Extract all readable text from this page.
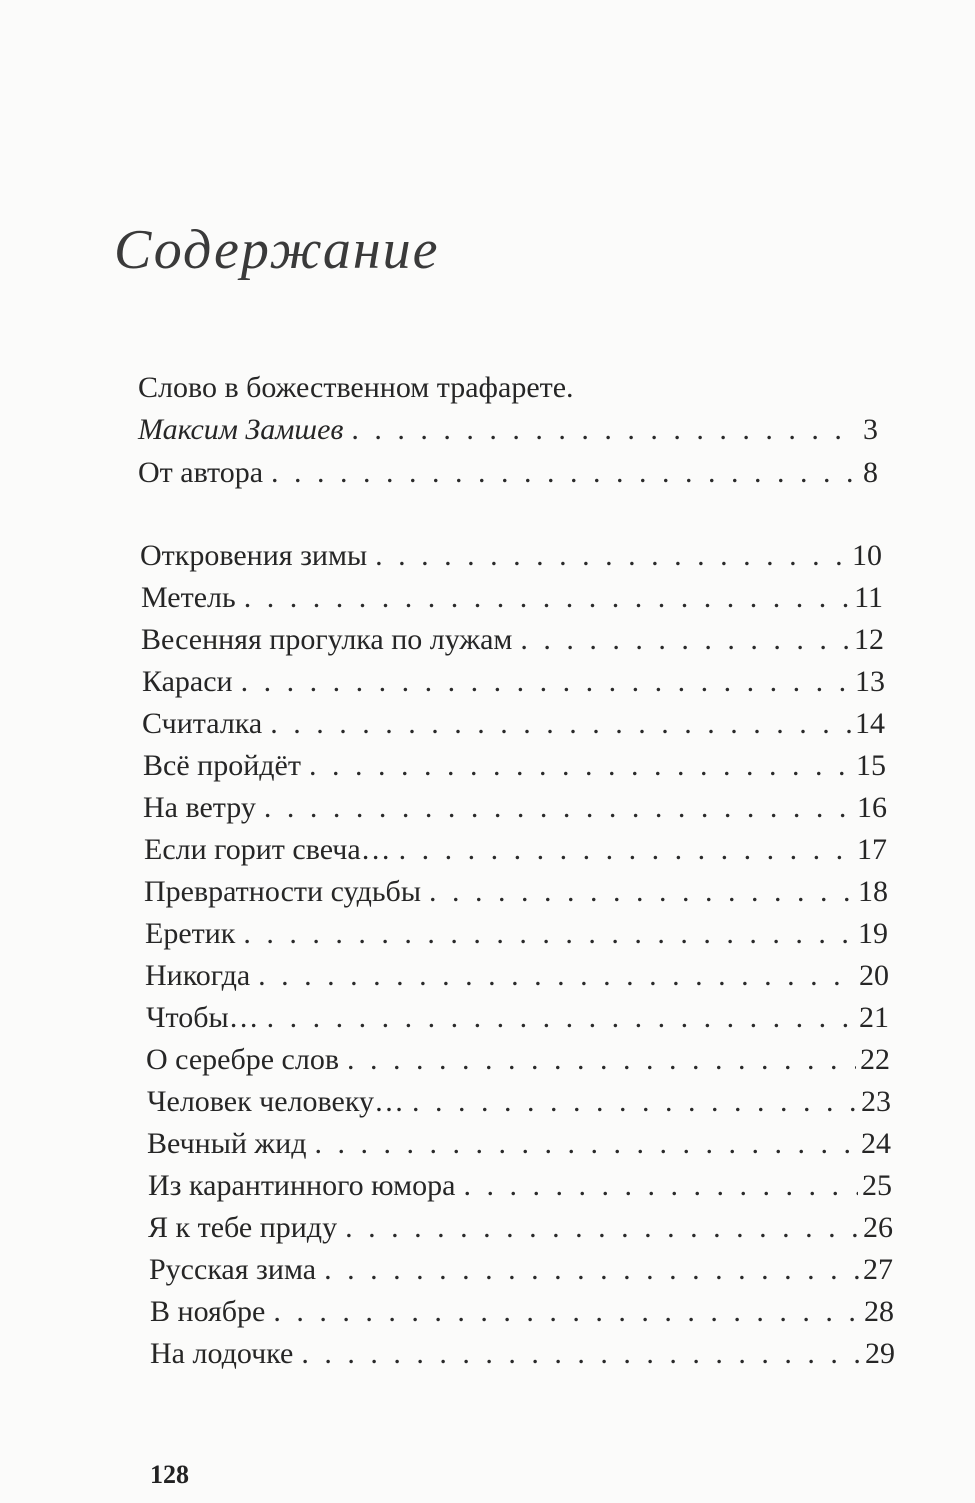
Содержание
Слово в божественном трафарете.
Максим Замшев . . .	3
От автора . . .	8
Откровения зимы . . .	10
Метель . . .	11
Весенняя прогулка по лужам . . .	12
Караси . . .	13
Считалка . . .	14
Всё пройдёт . . .	15
На ветру . . .	16
Если горит свеча… . . .	17
Превратности судьбы . . .	18
Еретик . . .	19
Никогда . . .	20
Чтобы… . . .	21
О серебре слов . . .	22
Человек человеку… . . .	23
Вечный жид . . .	24
Из карантинного юмора . . .	25
Я к тебе приду . . .	26
Русская зима . . .	27
В ноябре . . .	28
На лодочке . . .	29
128
